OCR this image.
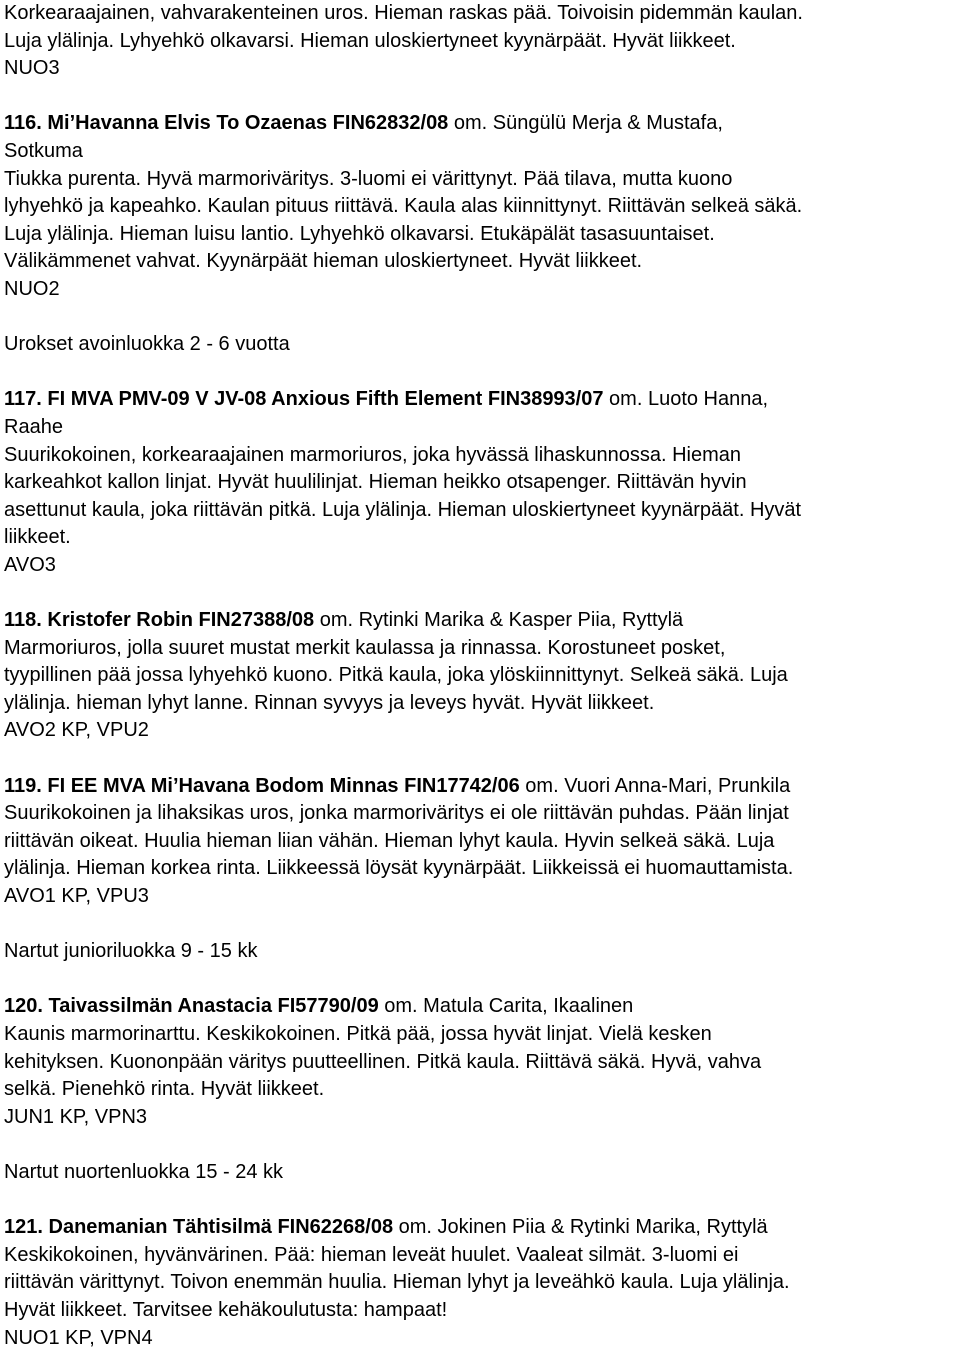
Korkearaajainen, vahvarakenteinen uros. Hieman raskas pää. Toivoisin pidemmän kaulan.
Luja ylälinja. Lyhyehkö olkavarsi. Hieman uloskiertyneet kyynärpäät. Hyvät liikkeet.
NUO3
116. Mi’Havanna Elvis To Ozaenas FIN62832/08 om. Süngülü Merja & Mustafa,
Sotkuma
Tiukka purenta. Hyvä marmoriväritys. 3-luomi ei värittynyt. Pää tilava, mutta kuono
lyhyehkö ja kapeahko. Kaulan pituus riittävä. Kaula alas kiinnittynyt. Riittävän selkeä säkä.
Luja ylälinja. Hieman luisu lantio. Lyhyehkö olkavarsi. Etukäpälät tasasuuntaiset.
Välikämmenet vahvat. Kyynärpäät hieman uloskiertyneet. Hyvät liikkeet.
NUO2
Urokset avoinluokka 2 - 6 vuotta
117. FI MVA PMV-09 V JV-08 Anxious Fifth Element FIN38993/07 om. Luoto Hanna,
Raahe
Suurikokoinen, korkearaajainen marmoriuros, joka hyvässä lihaskunnossa. Hieman
karkeahkot kallon linjat. Hyvät huulilinjat. Hieman heikko otsapenger. Riittävän hyvin
asettunut kaula, joka riittävän pitkä. Luja ylälinja. Hieman uloskiertyneet kyynärpäät. Hyvät
liikkeet.
AVO3
118. Kristofer Robin FIN27388/08 om. Rytinki Marika & Kasper Piia, Ryttylä
Marmoriuros, jolla suuret mustat merkit kaulassa ja rinnassa. Korostuneet posket,
tyypillinen pää jossa lyhyehkö kuono. Pitkä kaula, joka ylöskiinnittynyt. Selkeä säkä. Luja
ylälinja. hieman lyhyt lanne. Rinnan syvyys ja leveys hyvät. Hyvät liikkeet.
AVO2 KP, VPU2
119. FI EE MVA Mi’Havana Bodom Minnas FIN17742/06 om. Vuori Anna-Mari, Prunkila
Suurikokoinen ja lihaksikas uros, jonka marmoriväritys ei ole riittävän puhdas. Pään linjat
riittävän oikeat. Huulia hieman liian vähän. Hieman lyhyt kaula. Hyvin selkeä säkä. Luja
ylälinja. Hieman korkea rinta. Liikkeessä löysät kyynärpäät. Liikkeissä ei huomauttamista.
AVO1 KP, VPU3
Nartut junioriluokka 9 - 15 kk
120. Taivassilmän Anastacia FI57790/09 om. Matula Carita, Ikaalinen
Kaunis marmorinarttu. Keskikokoinen. Pitkä pää, jossa hyvät linjat. Vielä kesken
kehityksen. Kuononpään väritys puutteellinen. Pitkä kaula. Riittävä säkä. Hyvä, vahva
selkä. Pienehkö rinta. Hyvät liikkeet.
JUN1 KP, VPN3
Nartut nuortenluokka 15 - 24 kk
121. Danemanian Tähtisilmä FIN62268/08 om. Jokinen Piia & Rytinki Marika, Ryttylä
Keskikokoinen, hyvänvärinen. Pää: hieman leveät huulet. Vaaleat silmät. 3-luomi ei
riittävän värittynyt. Toivon enemmän huulia. Hieman lyhyt ja leveähkö kaula. Luja ylälinja.
Hyvät liikkeet. Tarvitsee kehäkoulutusta: hampaat!
NUO1 KP, VPN4
